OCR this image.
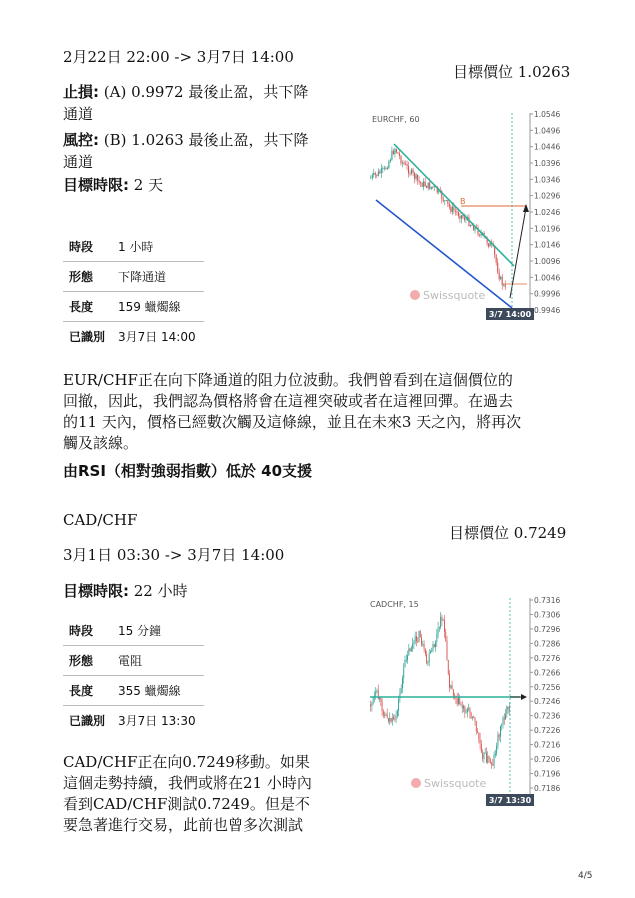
2月22日 22:00 -> 3月7日 14:00
目標價位 1.0263
止損: (A) 0.9972 最後止盈，共下降
通道
風控: (B) 1.0263 最後止盈，共下降
通道
目標時限: 2 天
時段	1 小時
形態	下降通道
長度	159 蠟燭線
已識別	3月7日 14:00
EURCHF, 60
1.0546
1.0496
1.0446
1.0396
1.0346
1.0296
1.0246
1.0196
1.0146
1.0096
1.0046
0.9996
0.9946
B
Swissquote
3/7 14:00
EUR/CHF正在向下降通道的阻力位波動。我們曾看到在這個價位的
回撤，因此，我們認為價格將會在這裡突破或者在這裡回彈。在過去
的11 天內，價格已經數次觸及這條線，並且在未來3 天之內，將再次
觸及該線。
由RSI（相對強弱指數）低於 40支援
CAD/CHF
目標價位 0.7249
3月1日 03:30 -> 3月7日 14:00
目標時限: 22 小時
時段	15 分鐘
形態	電阻
長度	355 蠟燭線
已識別	3月7日 13:30
CADCHF, 15	0.7316
0.7306
0.7296
0.7286
0.7276
0.7266
0.7256
0.7246
0.7236
0.7226
0.7216
0.7206
0.7196
0.7186
Swissquote
3/7 13:30
CAD/CHF正在向0.7249移動。如果
這個走勢持續，我們或將在21 小時內
看到CAD/CHF測試0.7249。但是不
要急著進行交易，此前也曾多次測試
4/5
